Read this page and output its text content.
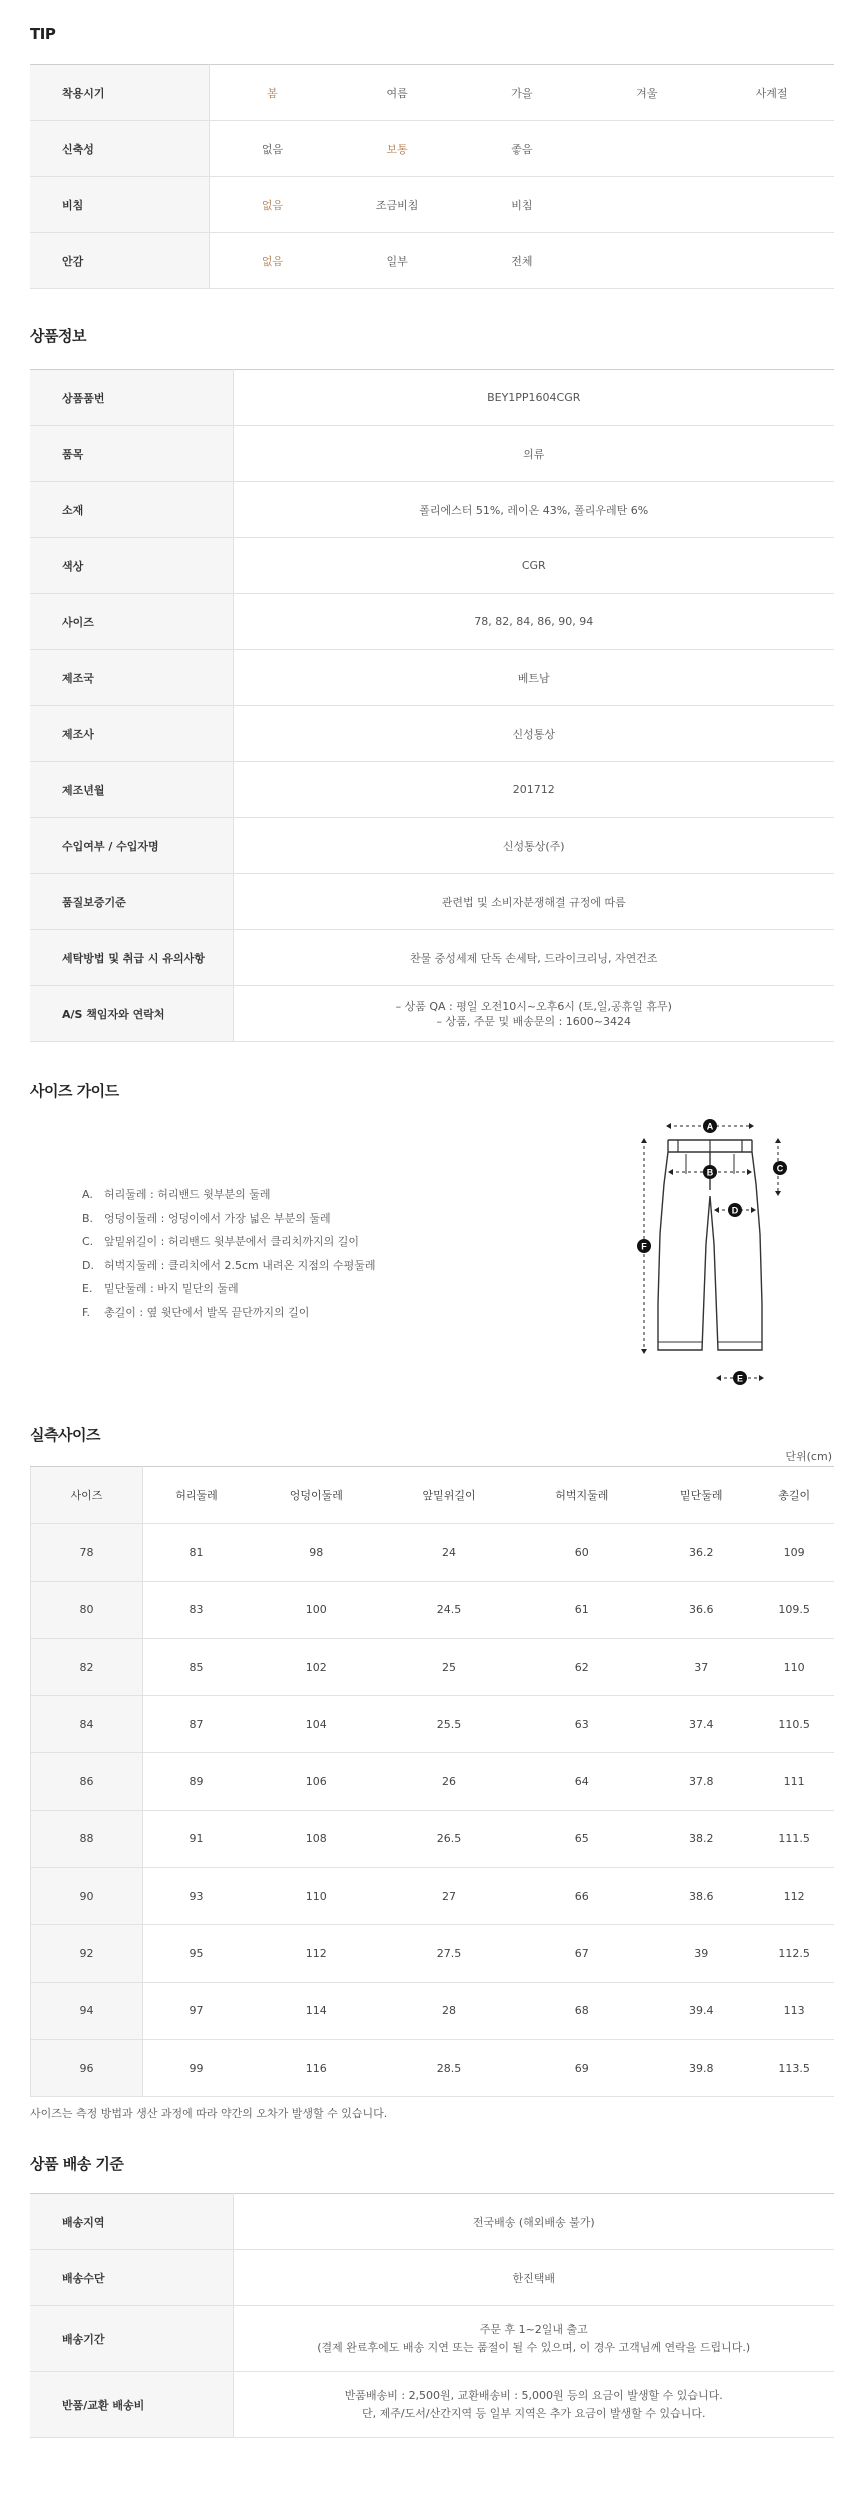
TIP
착용시기	봄	여름	가을	겨울	사계절
신축성	없음	보통	좋음		
비침	없음	조금비침	비침		
안감	없음	일부	전체		
상품정보
상품품번	BEY1PP1604CGR
품목	의류
소재	폴리에스터 51%, 레이온 43%, 폴리우레탄 6%
색상	CGR
사이즈	78, 82, 84, 86, 90, 94
제조국	베트남
제조사	신성통상
제조년월	201712
수입여부 / 수입자명	신성통상(주)
품질보증기준	관련법 및 소비자분쟁해결 규정에 따름
세탁방법 및 취급 시 유의사항	찬물 중성세제 단독 손세탁, 드라이크리닝, 자연건조
A/S 책임자와 연락처	– 상품 QA : 평일 오전10시~오후6시 (토,일,공휴일 휴무)
– 상품, 주문 및 배송문의 : 1600~3424
사이즈 가이드
A. 허리둘레 : 허리밴드 윗부분의 둘레
B. 엉덩이둘레 : 엉덩이에서 가장 넓은 부분의 둘레
C. 앞밑위길이 : 허리밴드 윗부분에서 클리치까지의 길이
D. 허벅지둘레 : 클리치에서 2.5cm 내려온 지점의 수평둘레
E. 밑단둘레 : 바지 밑단의 둘레
F. 총길이 : 옆 윗단에서 발목 끝단까지의 길이
A
B	C
D
E
F
실측사이즈
단위(cm)
사이즈	허리둘레	엉덩이둘레	앞밑위길이	허벅지둘레	밑단둘레	총길이
78	81	98	24	60	36.2	109
80	83	100	24.5	61	36.6	109.5
82	85	102	25	62	37	110
84	87	104	25.5	63	37.4	110.5
86	89	106	26	64	37.8	111
88	91	108	26.5	65	38.2	111.5
90	93	110	27	66	38.6	112
92	95	112	27.5	67	39	112.5
94	97	114	28	68	39.4	113
96	99	116	28.5	69	39.8	113.5
사이즈는 측정 방법과 생산 과정에 따라 약간의 오차가 발생할 수 있습니다.
상품 배송 기준
배송지역	전국배송 (해외배송 불가)
배송수단	한진택배
배송기간	주문 후 1~2일내 출고
(결제 완료후에도 배송 지연 또는 품절이 될 수 있으며, 이 경우 고객님께 연락을 드립니다.)

반품/교환 배송비	반품배송비 : 2,500원, 교환배송비 : 5,000원 등의 요금이 발생할 수 있습니다.
단, 제주/도서/산간지역 등 일부 지역은 추가 요금이 발생할 수 있습니다.
